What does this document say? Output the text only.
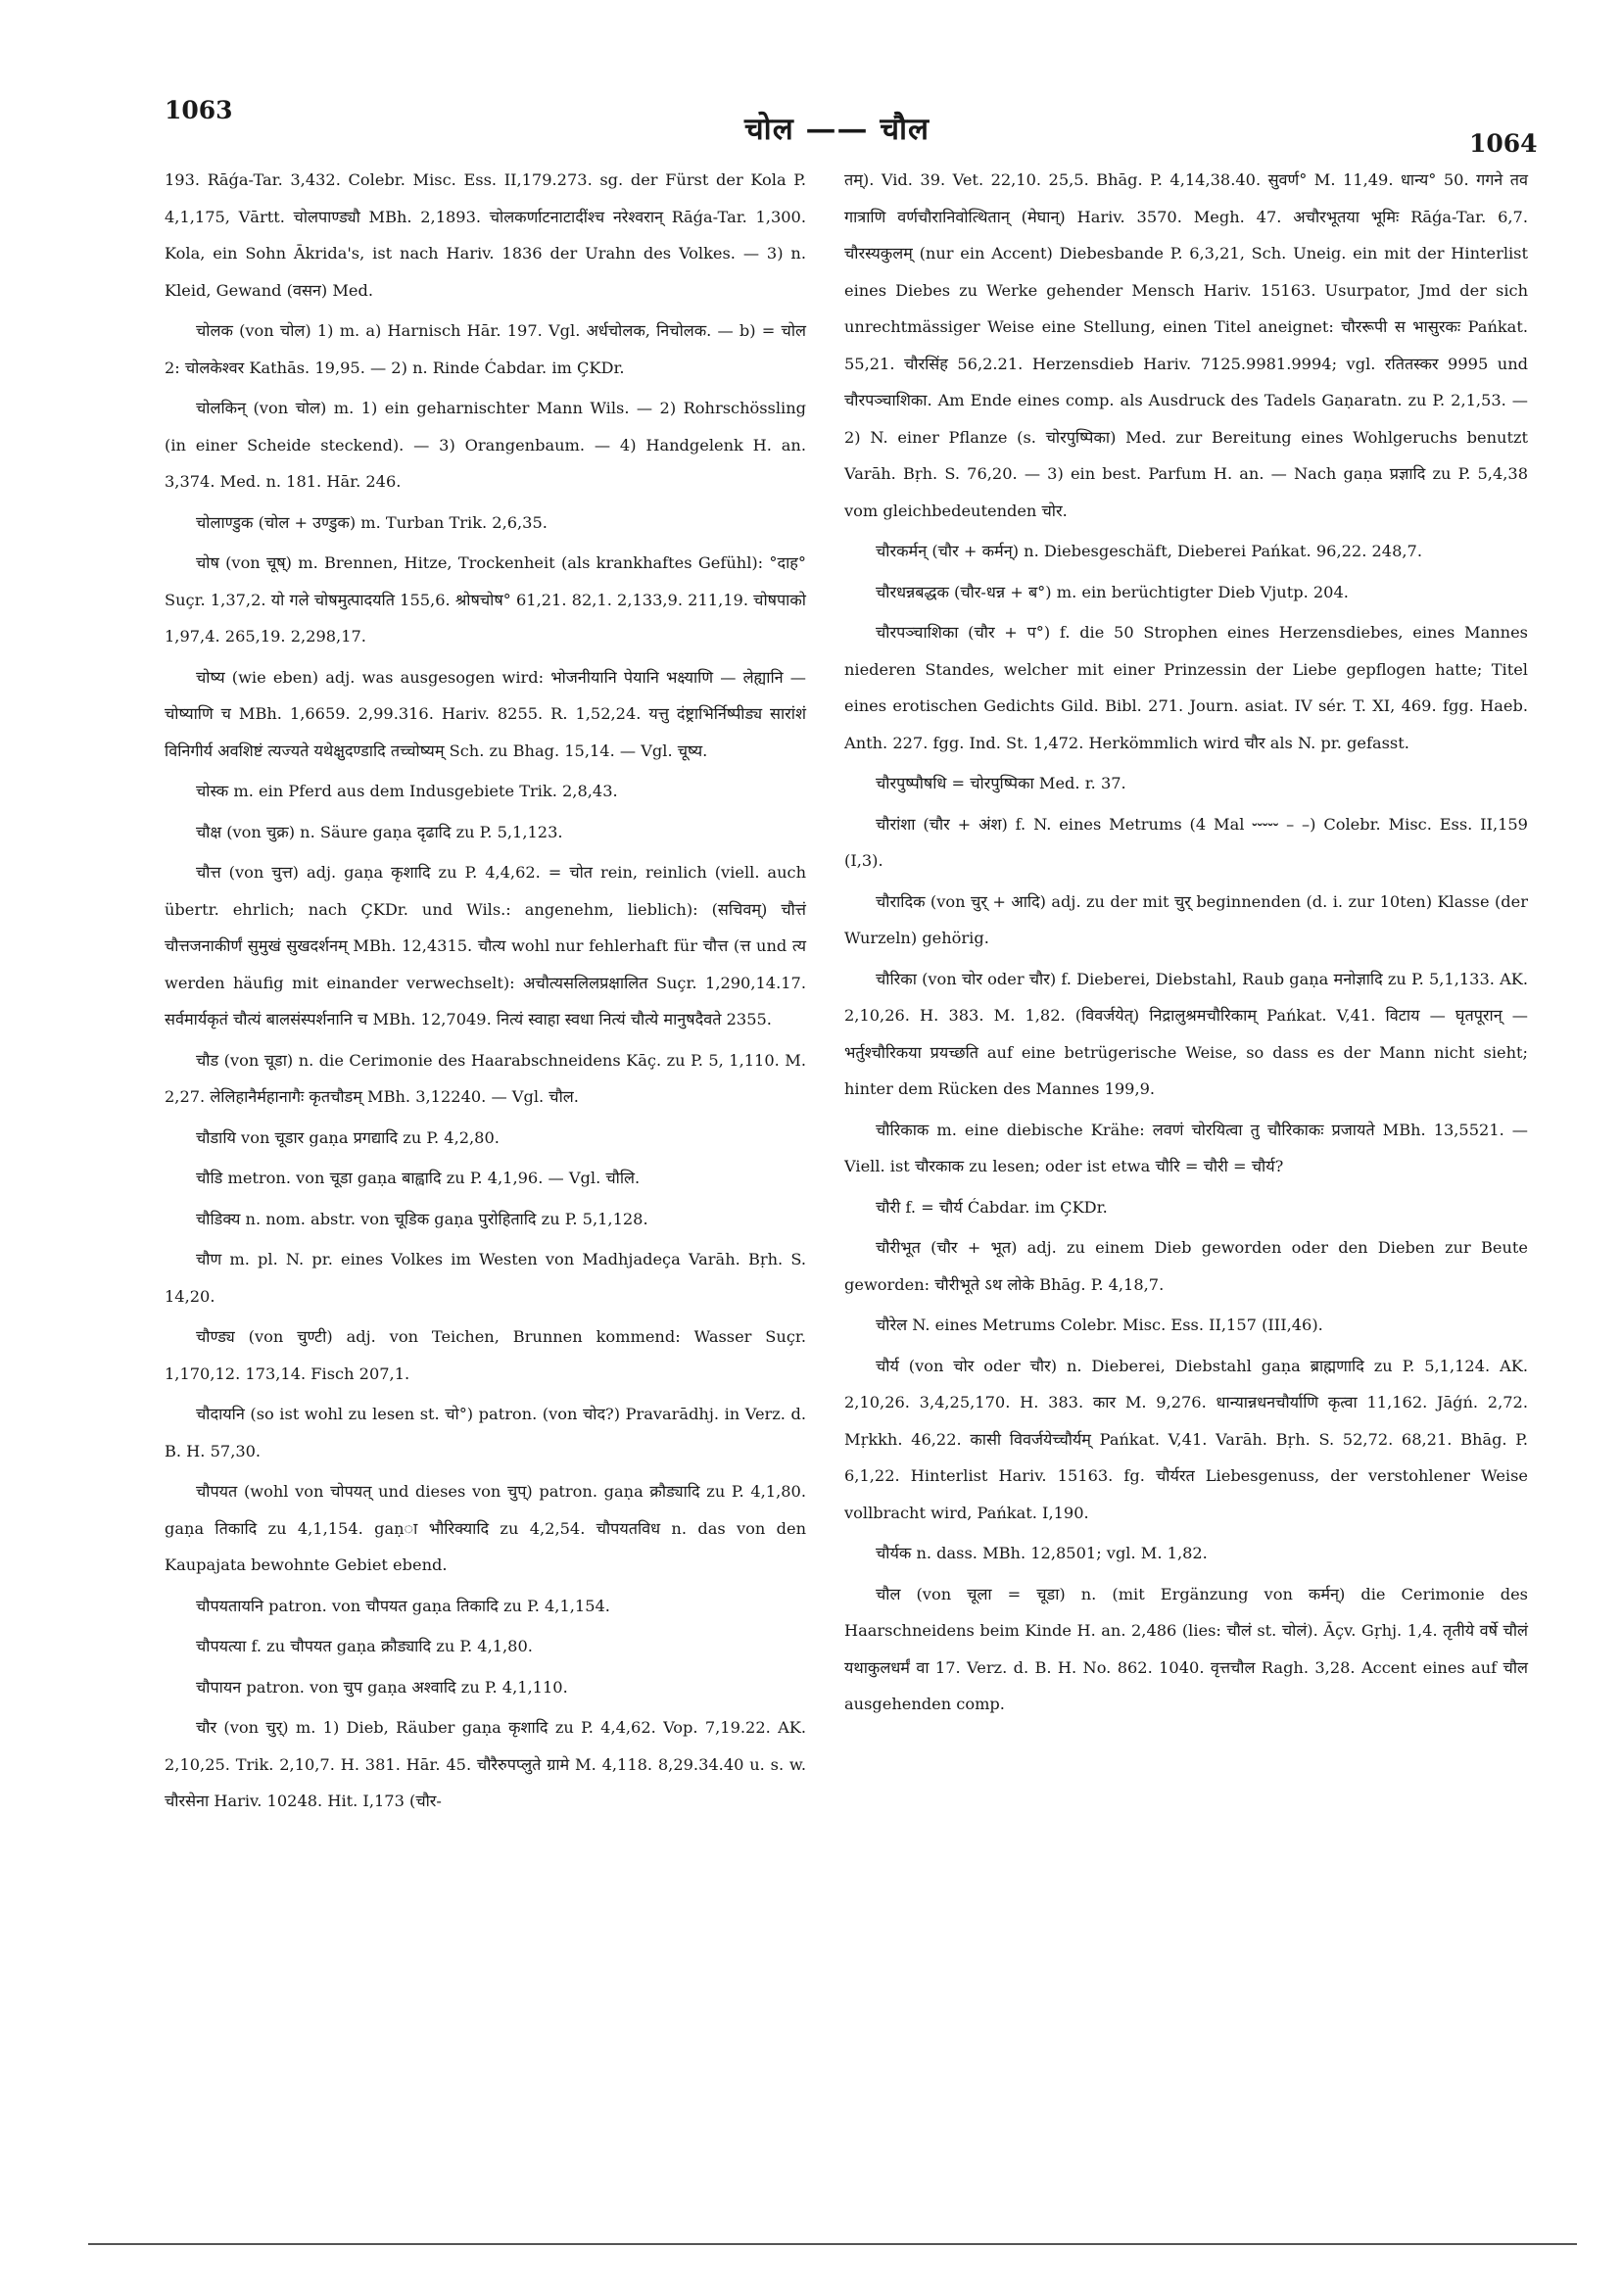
1063
चोल —— चौल	1064

193. Rāǵa-Tar. 3,432. Colebr. Misc. Ess. II,179.273. sg. der Fürst der Kola P. 4,1,175, Vārtt. चोलपाण्ड्यौ MBh. 2,1893. चोलकर्णाटनाटादींश्च नरेश्वरान् Rāǵa-Tar. 1,300. Kola, ein Sohn Ākrida's, ist nach Hariv. 1836 der Urahn des Volkes. — 3) n. Kleid, Gewand (वसन) Med.

चोलक (von चोल) 1) m. a) Harnisch Hār. 197. Vgl. अर्धचोलक, निचोलक. — b) = चोल 2: चोलकेश्वर Kathās. 19,95. — 2) n. Rinde Ćabdar. im ÇKDr.

चोलकिन् (von चोल) m. 1) ein geharnischter Mann Wils. — 2) Rohrschössling (in einer Scheide steckend). — 3) Orangenbaum. — 4) Handgelenk H. an. 3,374. Med. n. 181. Hār. 246.

चोलाण्डुक (चोल + उण्डुक) m. Turban Trik. 2,6,35.

चोष (von चूष्) m. Brennen, Hitze, Trockenheit (als krankhaftes Gefühl): °दाह° Suçr. 1,37,2. यो गले चोषमुत्पादयति 155,6. श्रोषचोष° 61,21. 82,1. 2,133,9. 211,19. चोषपाको 1,97,4. 265,19. 2,298,17.

चोष्य (wie eben) adj. was ausgesogen wird: भोजनीयानि पेयानि भक्ष्याणि — लेह्यानि — चोष्याणि च MBh. 1,6659. 2,99.316. Hariv. 8255. R. 1,52,24. यत्तु दंष्ट्राभिर्निष्पीड्य सारांशं विनिगीर्य अवशिष्टं त्यज्यते यथेक्षुदण्डादि तच्चोष्यम् Sch. zu Bhag. 15,14. — Vgl. चूष्य.

चोस्क m. ein Pferd aus dem Indusgebiete Trik. 2,8,43.

चौक्ष (von चुक्र) n. Säure gaṇa दृढादि zu P. 5,1,123.

चौत्त (von चुत्त) adj. gaṇa कृशादि zu P. 4,4,62. = चोत rein, reinlich (viell. auch übertr. ehrlich; nach ÇKDr. und Wils.: angenehm, lieblich): (सचिवम्) चौत्तं चौत्तजनाकीर्णं सुमुखं सुखदर्शनम् MBh. 12,4315. चौत्य wohl nur fehlerhaft für चौत्त (त्त und त्य werden häufig mit einander verwechselt): अचौत्यसलिलप्रक्षालित Suçr. 1,290,14.17. सर्वमार्यकृतं चौत्यं बालसंस्पर्शनानि च MBh. 12,7049. नित्यं स्वाहा स्वधा नित्यं चौत्ये मानुषदैवते 2355.

चौड (von चूडा) n. die Cerimonie des Haarabschneidens Kāç. zu P. 5, 1,110. M. 2,27. लेलिहानैर्महानागैः कृतचौडम् MBh. 3,12240. — Vgl. चौल.

चौडायि von चूडार gaṇa प्रगद्यादि zu P. 4,2,80.

चौडि metron. von चूडा gaṇa बाह्वादि zu P. 4,1,96. — Vgl. चौलि.

चौडिक्य n. nom. abstr. von चूडिक gaṇa पुरोहितादि zu P. 5,1,128.

चौण m. pl. N. pr. eines Volkes im Westen von Madhjadeça Varāh. Bṛh. S. 14,20.

चौण्ड्य (von चुण्टी) adj. von Teichen, Brunnen kommend: Wasser Suçr. 1,170,12. 173,14. Fisch 207,1.

चौदायनि (so ist wohl zu lesen st. चो°) patron. (von चोद?) Pravarādhj. in Verz. d. B. H. 57,30.

चौपयत (wohl von चोपयत् und dieses von चुप्) patron. gaṇa क्रौड्यादि zu P. 4,1,80. gaṇa तिकादि zu 4,1,154. gaṇा भौरिक्यादि zu 4,2,54. चौपयतविध n. das von den Kaupajata bewohnte Gebiet ebend.

चौपयतायनि patron. von चौपयत gaṇa तिकादि zu P. 4,1,154.

चौपयत्या f. zu चौपयत gaṇa क्रौड्यादि zu P. 4,1,80.

चौपायन patron. von चुप gaṇa अश्वादि zu P. 4,1,110.

चौर (von चुर्) m. 1) Dieb, Räuber gaṇa कृशादि zu P. 4,4,62. Vop. 7,19.22. AK. 2,10,25. Trik. 2,10,7. H. 381. Hār. 45. चौरैरुपप्लुते ग्रामे M. 4,118. 8,29.34.40 u. s. w. चौरसेना Hariv. 10248. Hit. I,173 (चौर-

तम्). Vid. 39. Vet. 22,10. 25,5. Bhāg. P. 4,14,38.40. सुवर्ण° M. 11,49. धान्य° 50. गगने तव गात्राणि वर्णचौरानिवोत्थितान् (मेघान्) Hariv. 3570. Megh. 47. अचौरभूतया भूमिः Rāǵa-Tar. 6,7. चौरस्यकुलम् (nur ein Accent) Diebesbande P. 6,3,21, Sch. Uneig. ein mit der Hinterlist eines Diebes zu Werke gehender Mensch Hariv. 15163. Usurpator, Jmd der sich unrechtmässiger Weise eine Stellung, einen Titel aneignet: चौररूपी स भासुरकः Pańkat. 55,21. चौरसिंह 56,2.21. Herzensdieb Hariv. 7125.9981.9994; vgl. रतितस्कर 9995 und चौरपञ्चाशिका. Am Ende eines comp. als Ausdruck des Tadels Gaṇaratn. zu P. 2,1,53. — 2) N. einer Pflanze (s. चोरपुष्पिका) Med. zur Bereitung eines Wohlgeruchs benutzt Varāh. Bṛh. S. 76,20. — 3) ein best. Parfum H. an. — Nach gaṇa प्रज्ञादि zu P. 5,4,38 vom gleichbedeutenden चोर.

चौरकर्मन् (चौर + कर्मन्) n. Diebesgeschäft, Dieberei Pańkat. 96,22. 248,7.

चौरधन्नबद्धक (चौर-धन्न + ब°) m. ein berüchtigter Dieb Vjutp. 204.

चौरपञ्चाशिका (चौर + प°) f. die 50 Strophen eines Herzensdiebes, eines Mannes niederen Standes, welcher mit einer Prinzessin der Liebe gepflogen hatte; Titel eines erotischen Gedichts Gild. Bibl. 271. Journ. asiat. IV sér. T. XI, 469. fgg. Haeb. Anth. 227. fgg. Ind. St. 1,472. Herkömmlich wird चौर als N. pr. gefasst.

चौरपुष्पौषधि = चोरपुष्पिका Med. r. 37.

चौरांशा (चौर + अंश) f. N. eines Metrums (4 Mal ⏑⏑⏑⏑⏑ – –) Colebr. Misc. Ess. II,159 (I,3).

चौरादिक (von चुर् + आदि) adj. zu der mit चुर् beginnenden (d. i. zur 10ten) Klasse (der Wurzeln) gehörig.

चौरिका (von चोर oder चौर) f. Dieberei, Diebstahl, Raub gaṇa मनोज्ञादि zu P. 5,1,133. AK. 2,10,26. H. 383. M. 1,82. (विवर्जयेत्) निद्रालुश्रमचौरिकाम् Pańkat. V,41. विटाय — घृतपूरान् — भर्तुश्चौरिकया प्रयच्छति auf eine betrügerische Weise, so dass es der Mann nicht sieht; hinter dem Rücken des Mannes 199,9.

चौरिकाक m. eine diebische Krähe: लवणं चोरयित्वा तु चौरिकाकः प्रजायते MBh. 13,5521. — Viell. ist चौरकाक zu lesen; oder ist etwa चौरि = चौरी = चौर्य?

चौरी f. = चौर्य Ćabdar. im ÇKDr.

चौरीभूत (चौर + भूत) adj. zu einem Dieb geworden oder den Dieben zur Beute geworden: चौरीभूते ऽथ लोके Bhāg. P. 4,18,7.

चौरेल N. eines Metrums Colebr. Misc. Ess. II,157 (III,46).

चौर्य (von चोर oder चौर) n. Dieberei, Diebstahl gaṇa ब्राह्मणादि zu P. 5,1,124. AK. 2,10,26. 3,4,25,170. H. 383. कार M. 9,276. धान्यान्नधनचौर्याणि कृत्वा 11,162. Jāǵń. 2,72. Mṛkkh. 46,22. कासी विवर्जयेच्चौर्यम् Pańkat. V,41. Varāh. Bṛh. S. 52,72. 68,21. Bhāg. P. 6,1,22. Hinterlist Hariv. 15163. fg. चौर्यरत Liebesgenuss, der verstohlener Weise vollbracht wird, Pańkat. I,190.

चौर्यक n. dass. MBh. 12,8501; vgl. M. 1,82.

चौल (von चूला = चूडा) n. (mit Ergänzung von कर्मन्) die Cerimonie des Haarschneidens beim Kinde H. an. 2,486 (lies: चौलं st. चोलं). Āçv. Gṛhj. 1,4. तृतीये वर्षे चौलं यथाकुलधर्मं वा 17. Verz. d. B. H. No. 862. 1040. वृत्तचौल Ragh. 3,28. Accent eines auf चौल ausgehenden comp.
